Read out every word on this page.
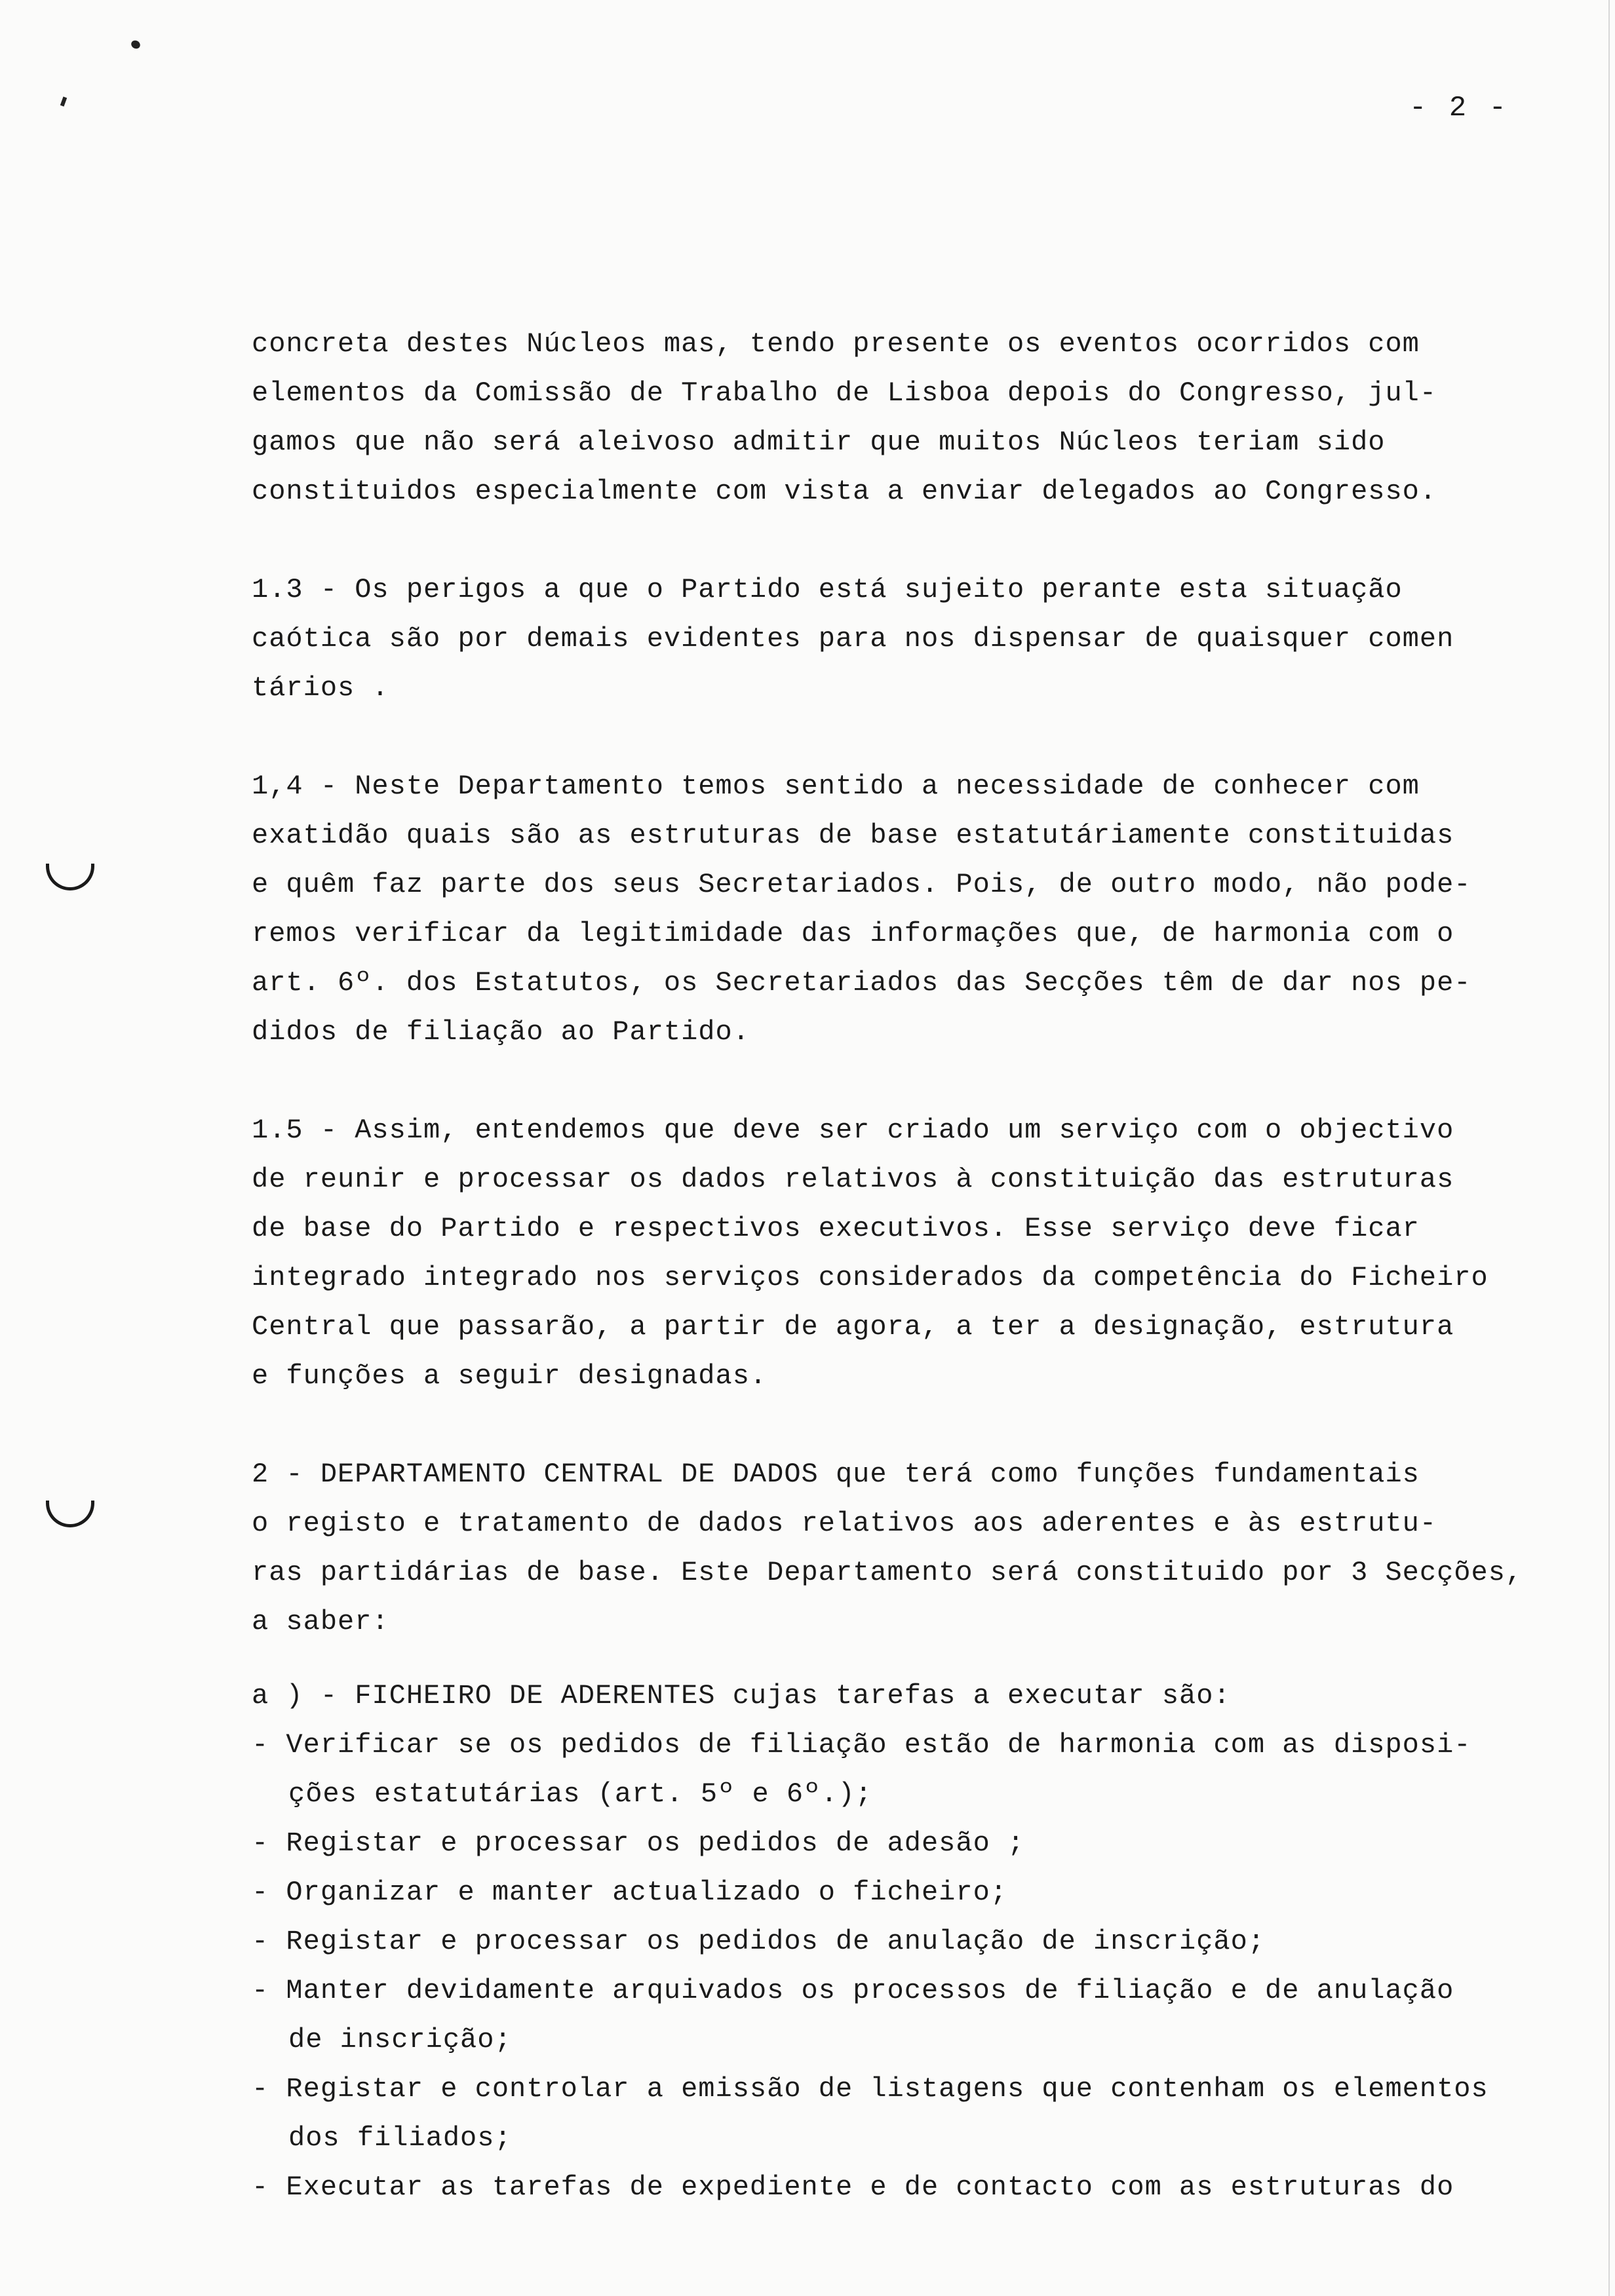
- 2 -
concreta destes Núcleos mas, tendo presente os eventos ocorridos com
elementos da Comissão de Trabalho de Lisboa depois do Congresso, jul-
gamos que não será aleivoso admitir que muitos Núcleos teriam sido
constituidos especialmente com vista a enviar delegados ao Congresso.
1.3 - Os perigos a que o Partido está sujeito perante esta situação
caótica são por demais evidentes para nos dispensar de quaisquer comen
tários .
1,4 - Neste Departamento temos sentido a necessidade de conhecer com
exatidão quais são as estruturas de base estatutáriamente constituidas
e quêm faz parte dos seus Secretariados. Pois, de outro modo, não pode-
remos verificar da legitimidade das informações que, de harmonia com o
art. 6º. dos Estatutos, os Secretariados das Secções têm de dar nos pe-
didos de filiação ao Partido.
1.5 - Assim, entendemos que deve ser criado um serviço com o objectivo
de reunir e processar os dados relativos à constituição das estruturas
de base do Partido e respectivos executivos. Esse serviço deve ficar
integrado integrado nos serviços considerados da competência do Ficheiro
Central que passarão, a partir de agora, a ter a designação, estrutura
e funções a seguir designadas.
2 - DEPARTAMENTO CENTRAL DE DADOS que terá como funções fundamentais
o registo e tratamento de dados relativos aos aderentes e às estrutu-
ras partidárias de base. Este Departamento será constituido por 3 Secções,
a saber:
a ) - FICHEIRO DE ADERENTES cujas tarefas a executar são:
- Verificar se os pedidos de filiação estão de harmonia com as disposi-
ções estatutárias (art. 5º e 6º.);
- Registar e processar os pedidos de adesão ;
- Organizar e manter actualizado o ficheiro;
- Registar e processar os pedidos de anulação de inscrição;
- Manter devidamente arquivados os processos de filiação e de anulação
de inscrição;
- Registar e controlar a emissão de listagens que contenham os elementos
dos filiados;
- Executar as tarefas de expediente e de contacto com as estruturas do
